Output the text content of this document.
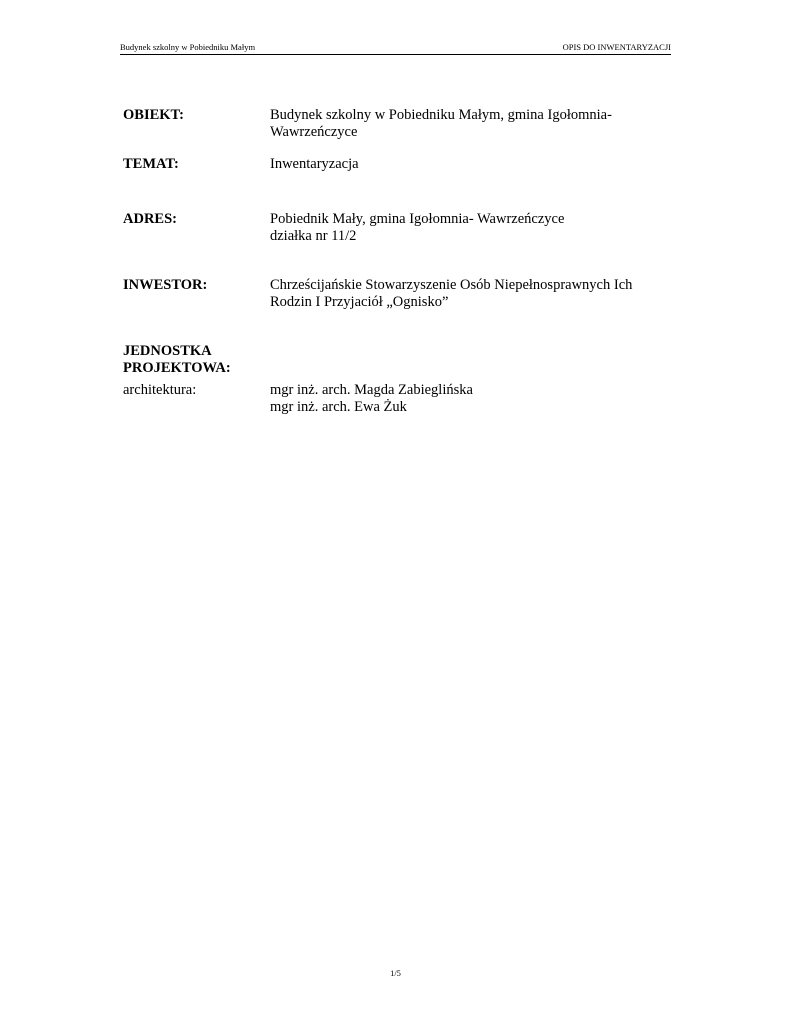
Budynek szkolny w Pobiedniku Małym	OPIS DO INWENTARYZACJI
OBIEKT:	Budynek szkolny w Pobiedniku Małym, gmina Igołomnia-
Wawrzeńczyce
TEMAT:	Inwentaryzacja
ADRES:	Pobiednik Mały, gmina Igołomnia- Wawrzeńczyce
działka nr 11/2
INWESTOR:	Chrześcijańskie Stowarzyszenie Osób Niepełnosprawnych Ich
Rodzin I Przyjaciół „Ognisko”
JEDNOSTKA
PROJEKTOWA:
architektura:	mgr inż. arch. Magda Zabieglińska
mgr inż. arch. Ewa Żuk
1/5
